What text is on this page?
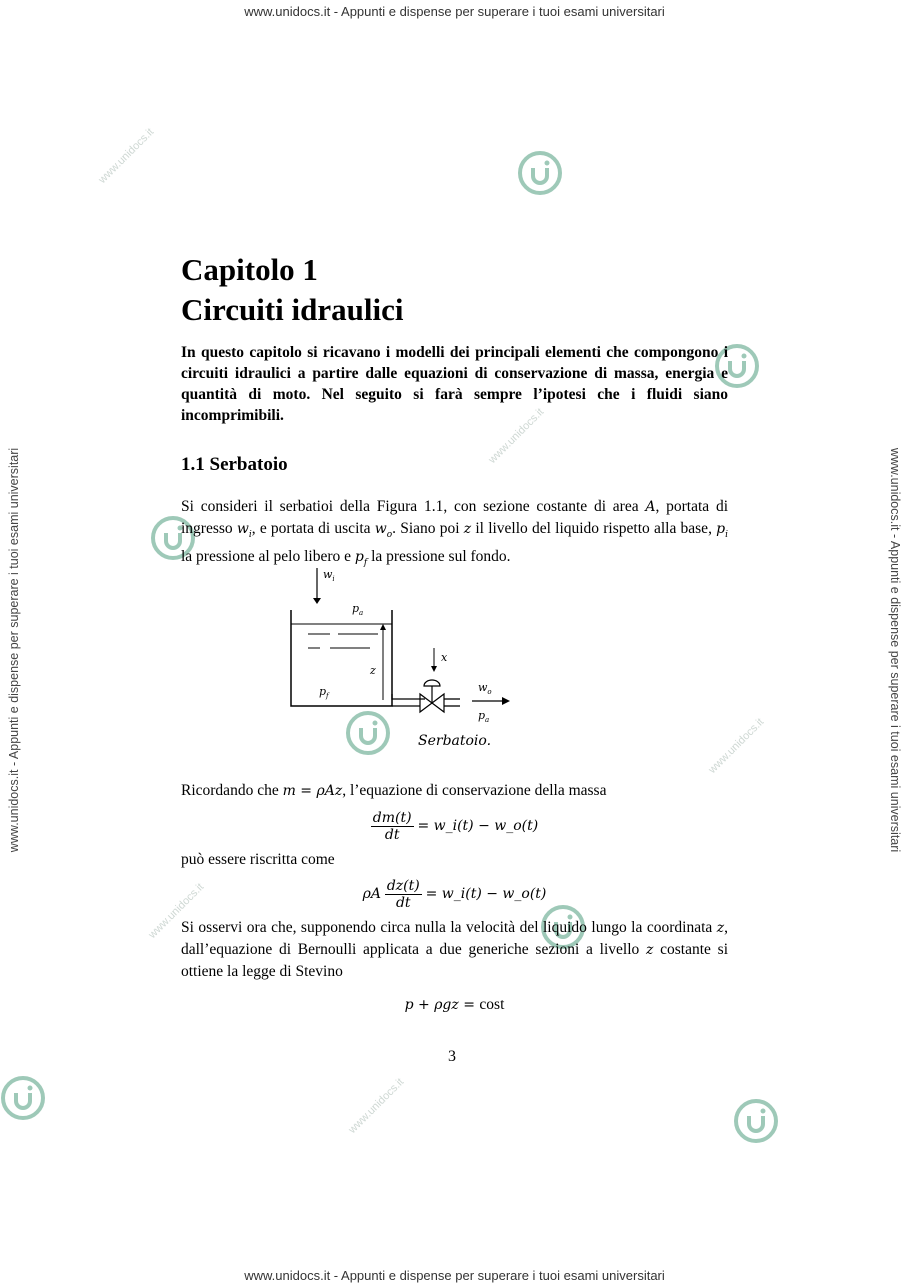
www.unidocs.it - Appunti e dispense per superare i tuoi esami universitari
www.unidocs.it - Appunti e dispense per superare i tuoi esami universitari
www.unidocs.it - Appunti e dispense per superare i tuoi esami universitari	www.unidocs.it - Appunti e dispense per superare i tuoi esami universitari
www.unidocs.it
www.unidocs.it
www.unidocs.it
www.unidocs.it
www.unidocs.it
Capitolo 1
Circuiti idraulici
In questo capitolo si ricavano i modelli dei principali elementi che compongono i circuiti idraulici a partire dalle equazioni di conservazione di massa, energia e quantità di moto. Nel seguito si farà sempre l’ipotesi che i fluidi siano incomprimibili.
1.1 Serbatoio
Si consideri il serbatioi della Figura 1.1, con sezione costante di area A, portata di ingresso $w_i$, e portata di uscita $w_o$. Siano poi z il livello del liquido rispetto alla base, $p_i$ la pressione al pelo libero e $p_f$ la pressione sul fondo.
Ricordando che m = ρAz, l’equazione di conservazione della massa
$\frac{dm(t)}{dt}$ = w_i(t) − w_o(t)
può essere riscritta come
ρA $\frac{dz(t)}{dt}$ = w_i(t) − w_o(t)
Si osservi ora che, supponendo circa nulla la velocità del liquido lungo la coordinata z, dall’equazione di Bernoulli applicata a due generiche sezioni a livello z costante si ottiene la legge di Stevino
p + ρgz = cost
$w_i$
$p_a$
z
$p_f$
x
$w_o$
$p_a$
Serbatoio.
3
